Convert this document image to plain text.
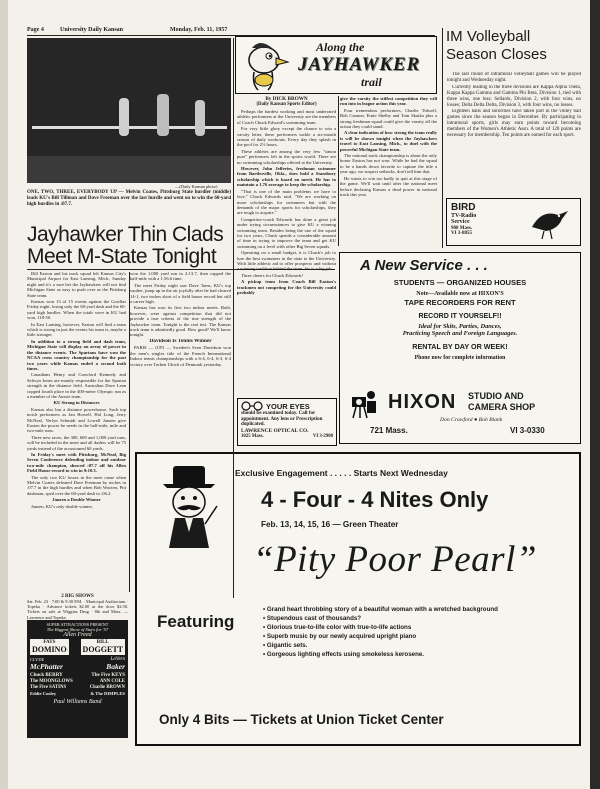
Page 4	University Daily Kansan	Monday, Feb. 11, 1957
—(Daily Kansan photo)
ONE, TWO, THREE, EVERYBODY UP — Melvin Coates, Pittsburg State hurdler (middle) leads KU's Bill Tillman and Dave Freeman over the last hurdle and went on to win the 60-yard high hurdles in :07.7.
Jayhawker Thin Clads
Meet M-State Tonight

Bill Easton and his track squad left Kansas City's Municipal Airport for East Lansing, Mich., Sunday night and it's a sure bet the Jayhawkers will not find Michigan State as easy to push over as the Pittsburg State team.

Kansas won 13 of 15 events against the Gorillas Friday night, losing only the 60-yard dash and the 60-yard high hurdles. When the totals were in KU had won, 118-50.

In East Lansing, however, Easton will find a team which is strong in just the events his team is, maybe a little stronger.

In addition to a strong field and dash team, Michigan State will display an array of power in the distance events. The Spartans have won the NCAA cross country championship for the past two years while Kansas ended a second both times.

Canadians Henry and Crawford Kennedy and Selwyn Jones are mainly responsible for the Spartan strength in the distance field. Australian Dave Lean copped fourth place in the 400-meter Olympic run as a member of the Aussie team.

KU Strong in Distances

Kansas also has a distance powerhouse. Such top notch performers as Jan Howell, Hal Long, Jerry McNeal, Verlyn Schmidt and Lowell Janzen give Easton the power he needs in the half-mile, mile and two-mile runs.

Three new races, the 300, 600 and 1,000 yard runs, will be included in the meet and all dashes will be 75 yards instead of the accustomed 60 yards.

In Friday's meet with Pittsburg, McNeal, Big Seven Conference defending indoor and outdoor two-mile champion, showed :07.7 off his Allen Field House record to win in 9:10.3.

The only two KU losses in the meet came when Melvin Coates defeated Dave Freeman by inches in :07.7 in the high hurdles and when Bob Wooten, Pitt dashman, sped over the 60-yard dash in :06.2.

Janzen a Double Winner

Janzen, KU's only double winner,

won the 1,000 yard run in 2:13.7, then capped the half-mile with a 1:56.6 time.

The meet Friday night saw Dave Tams, KU's top vaulter, jump up in the air joyfully after he had cleared 14-1, two inches short of a field house record but still a career high.

Kansas has won its first two indoor meets. Both, however, were against competition that did not provide a true criteria of the true strength of the Jayhawker team. Tonight is the real test. The Kansas track team is admittedly good. How good? We'll know tonight.

Davidson Is Tennis Winner

PARIS — (UP) — Sweden's Sven Davidson won the men's singles title of the French International Indoor tennis championships with a 6-4, 6-4, 6-3, 6-4 victory over Torben Ulrich of Denmark yesterday.

2 BIG SHOWS
Sat. Feb. 23 · 7:00 & 9:30 P.M. · Municipal Auditorium · Topeka · Advance tickets $2.00 at the door $2.50. Tickets on sale at Wiggins Drug · 8th and Mass. — Lawrence and Topeka.
SUPER ATTRACTIONS PRESENT
The Biggest Show of Stars for '57
Allen Freed
FATS
DOMINO
BILL
DOGGETT
CLYDE
McPhatter
LaVern
Baker
Chuck BERRY	The Five KEYS
The MOONGLOWS	ANN COLE
The Five SATINS	Charlie BROWN
Eddie Cooley	& The DIMPLES
Paul Williams Band
Along the
JAYHAWKER
trail
By DICK BROWN
(Daily Kansan Sports Editor)

Perhaps the hardest working and most underrated athletic performers at the University are the members of Coach Chuck Edward's swimming team.

For very little glory except the chance to win a varsity letter, these performers tackle a six-month season of daily workouts. Every day they splash in the pool for 2½ hours.

These athletes are among the very few "simon pure" performers left in the sports world. There are no swimming scholarships offered at the University.

However, John Jefferies, freshman swimmer from Bartlesville, Okla., does hold a Stansbury scholarship which is based on merit. He has to maintain a 1.76 average to keep the scholarship.

"That is one of the main problems we have to face," Chuck Edwards said. "We are working on more scholarships for swimmers but with the demands of the major sports for scholarships, they are tough to acquire."

Competitor-coach Edwards has done a great job under trying circumstances to give KU a winning swimming team. Besides being the one of the squad for two years, Chuck spends a considerable amount of time in trying to improve the team and get KU swimming on a level with other Big Seven squads.

Operating on a small budget, it is Chuck's job to lure the best swimmers in the state to the University. With little athletic aid to offer prospects and without a winning tradition behind the team, his is a big job.

Three cheers for Chuck Edwards!

A pickup team from Coach Bill Easton's trackmen not competing for the University could probably

give the varsity the stiffest competition they will run into in league action this year.

Four tremendous performers, Charlie Tidwell, Bob Cannon, Ernie Shelby and Tom Skutka plus a strong freshman squad could give the varsity all the action they could stand.

A clear indication of how strong the team really is will be shown tonight when the Jayhawkers travel to East Lansing, Mich., to duel with the powerful Michigan State team.

The national track championship is about the only honor Easton has not won. While he had the squad to be a hands down favorite to capture the title a year ago, we suspect setbacks, don't tell him that.

He wants to win too badly to quit at this stage of the game. We'll wait until after the national meet before declaring Kansas a dead power in national track this year.

YOUR EYES
should be examined today. Call for appointment. Any lens or Prescription duplicated.
LAWRENCE OPTICAL CO.
1025 Mass.	VI 3-2908
IM Volleyball
Season Closes

The last round of intramural volleyball games will be played tonight and Wednesday night.

Currently leading in the three divisions are Kappa Alpha Theta, Kappa Kappa Gamma and Gamma Phi Beta, Division 1, tied with three wins, one loss; Sellards, Division 2, with four wins, no losses; Delta Delta Delta, Division 3, with four wins, no losses.

Eighteen halls and sororities have taken part in the volley ball games since the season began in December. By participating in intramural sports, girls may earn points toward becoming members of the Women's Athletic Assn. A total of 120 points are necessary for membership. Ten points are earned for each sport.

BIRD
TV-Radio
Service
908 Mass.
VI 3-8855
A New Service . . .
STUDENTS — ORGANIZED HOUSES
Note—Available now at HIXON'S
TAPE RECORDERS FOR RENT
RECORD IT YOURSELF!!
Ideal for Skits, Parties, Dances,
Practicing Speech and Foreign Languages.
RENTAL BY DAY OR WEEK!
Phone now for complete information
HIXON STUDIO AND
CAMERA SHOP
Don Crawford ● Bob Blank
721 Mass.	VI 3-0330
Exclusive Engagement . . . . . Starts Next Wednesday
4 - Four - 4 Nites Only
Feb. 13, 14, 15, 16 — Green Theater
“Pity Poor Pearl”
Featuring
• Grand heart throbbing story of a beautiful woman with a wretched background
• Stupendous cast of thousands?
• Glorious true-to-life color with true-to-life actions
• Superb music by our newly acquired upright piano
• Gigantic sets.
• Gorgeous lighting effects using smokeless kerosene.
Only 4 Bits — Tickets at Union Ticket Center
